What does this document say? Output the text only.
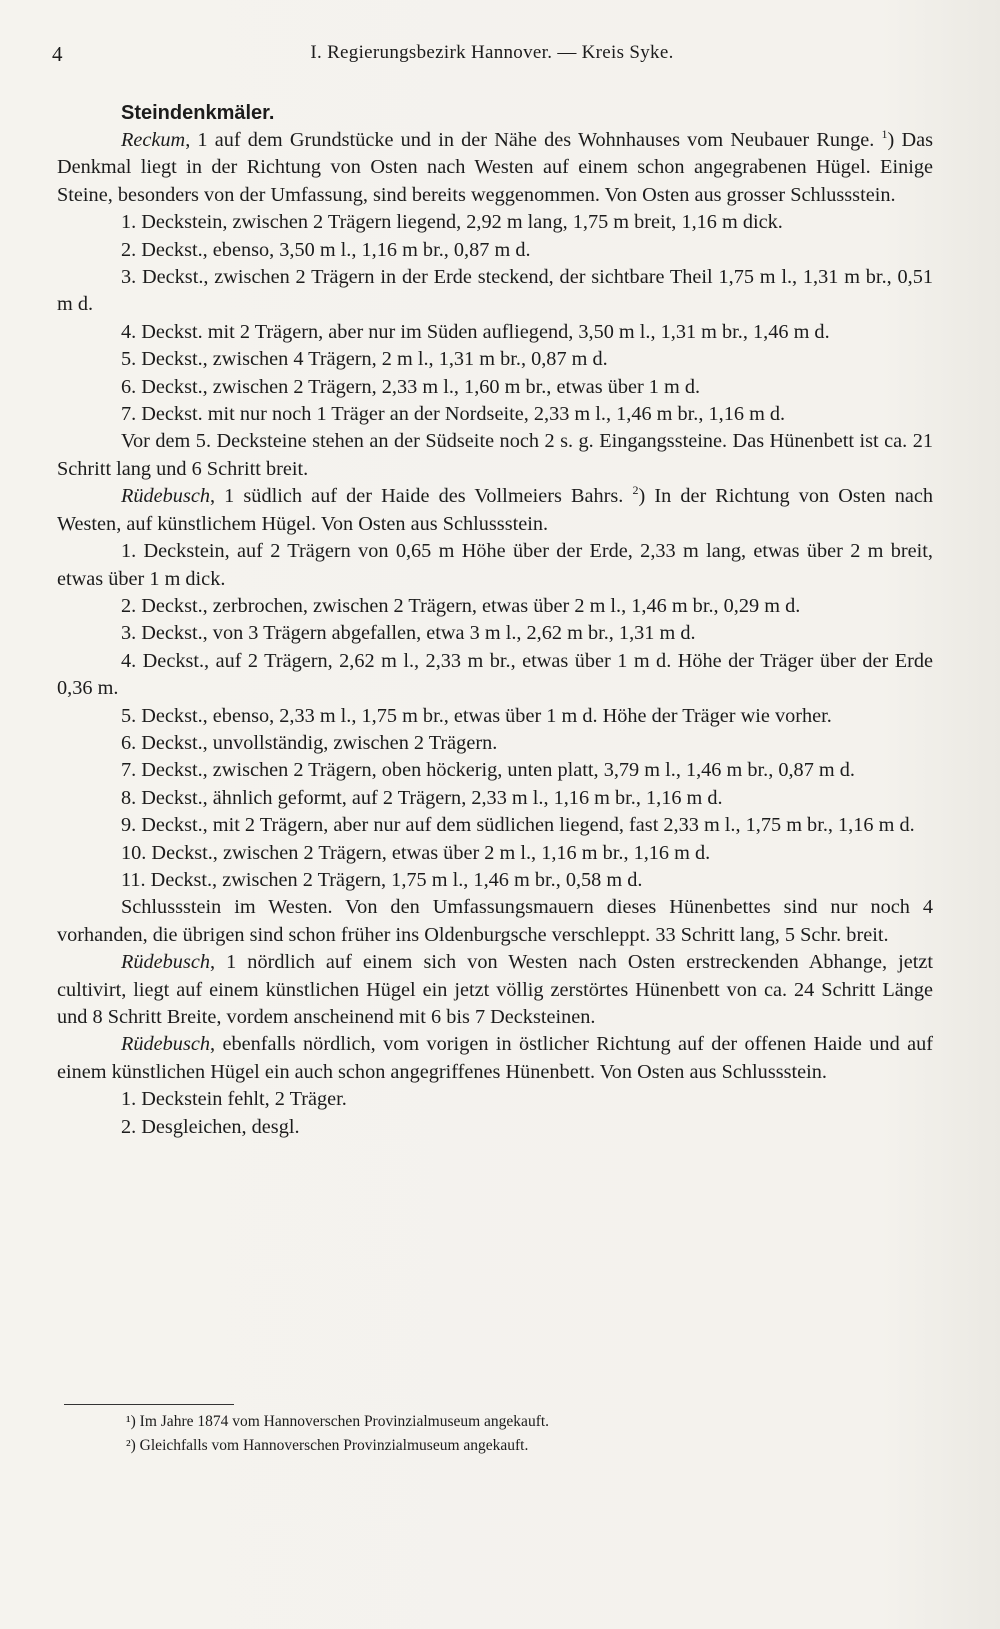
4	I. Regierungsbezirk Hannover. — Kreis Syke.

Steindenkmäler.

Reckum, 1 auf dem Grundstücke und in der Nähe des Wohnhauses vom Neubauer Runge. $^1$) Das Denkmal liegt in der Richtung von Osten nach Westen auf einem schon angegrabenen Hügel. Einige Steine, besonders von der Umfassung, sind bereits weggenommen. Von Osten aus grosser Schlussstein.

1. Deckstein, zwischen 2 Trägern liegend, 2,92 m lang, 1,75 m breit, 1,16 m dick.

2. Deckst., ebenso, 3,50 m l., 1,16 m br., 0,87 m d.

3. Deckst., zwischen 2 Trägern in der Erde steckend, der sichtbare Theil 1,75 m l., 1,31 m br., 0,51 m d.

4. Deckst. mit 2 Trägern, aber nur im Süden aufliegend, 3,50 m l., 1,31 m br., 1,46 m d.

5. Deckst., zwischen 4 Trägern, 2 m l., 1,31 m br., 0,87 m d.

6. Deckst., zwischen 2 Trägern, 2,33 m l., 1,60 m br., etwas über 1 m d.

7. Deckst. mit nur noch 1 Träger an der Nordseite, 2,33 m l., 1,46 m br., 1,16 m d.

Vor dem 5. Decksteine stehen an der Südseite noch 2 s. g. Eingangssteine. Das Hünenbett ist ca. 21 Schritt lang und 6 Schritt breit.

Rüdebusch, 1 südlich auf der Haide des Vollmeiers Bahrs. $^2$) In der Richtung von Osten nach Westen, auf künstlichem Hügel. Von Osten aus Schlussstein.

1. Deckstein, auf 2 Trägern von 0,65 m Höhe über der Erde, 2,33 m lang, etwas über 2 m breit, etwas über 1 m dick.

2. Deckst., zerbrochen, zwischen 2 Trägern, etwas über 2 m l., 1,46 m br., 0,29 m d.

3. Deckst., von 3 Trägern abgefallen, etwa 3 m l., 2,62 m br., 1,31 m d.

4. Deckst., auf 2 Trägern, 2,62 m l., 2,33 m br., etwas über 1 m d. Höhe der Träger über der Erde 0,36 m.

5. Deckst., ebenso, 2,33 m l., 1,75 m br., etwas über 1 m d. Höhe der Träger wie vorher.

6. Deckst., unvollständig, zwischen 2 Trägern.

7. Deckst., zwischen 2 Trägern, oben höckerig, unten platt, 3,79 m l., 1,46 m br., 0,87 m d.

8. Deckst., ähnlich geformt, auf 2 Trägern, 2,33 m l., 1,16 m br., 1,16 m d.

9. Deckst., mit 2 Trägern, aber nur auf dem südlichen liegend, fast 2,33 m l., 1,75 m br., 1,16 m d.

10. Deckst., zwischen 2 Trägern, etwas über 2 m l., 1,16 m br., 1,16 m d.

11. Deckst., zwischen 2 Trägern, 1,75 m l., 1,46 m br., 0,58 m d.

Schlussstein im Westen. Von den Umfassungsmauern dieses Hünenbettes sind nur noch 4 vorhanden, die übrigen sind schon früher ins Oldenburgsche verschleppt. 33 Schritt lang, 5 Schr. breit.

Rüdebusch, 1 nördlich auf einem sich von Westen nach Osten erstreckenden Abhange, jetzt cultivirt, liegt auf einem künstlichen Hügel ein jetzt völlig zerstörtes Hünenbett von ca. 24 Schritt Länge und 8 Schritt Breite, vordem anscheinend mit 6 bis 7 Decksteinen.

Rüdebusch, ebenfalls nördlich, vom vorigen in östlicher Richtung auf der offenen Haide und auf einem künstlichen Hügel ein auch schon angegriffenes Hünenbett. Von Osten aus Schlussstein.

1. Deckstein fehlt, 2 Träger.

2. Desgleichen, desgl.

¹) Im Jahre 1874 vom Hannoverschen Provinzialmuseum angekauft.

²) Gleichfalls vom Hannoverschen Provinzialmuseum angekauft.
